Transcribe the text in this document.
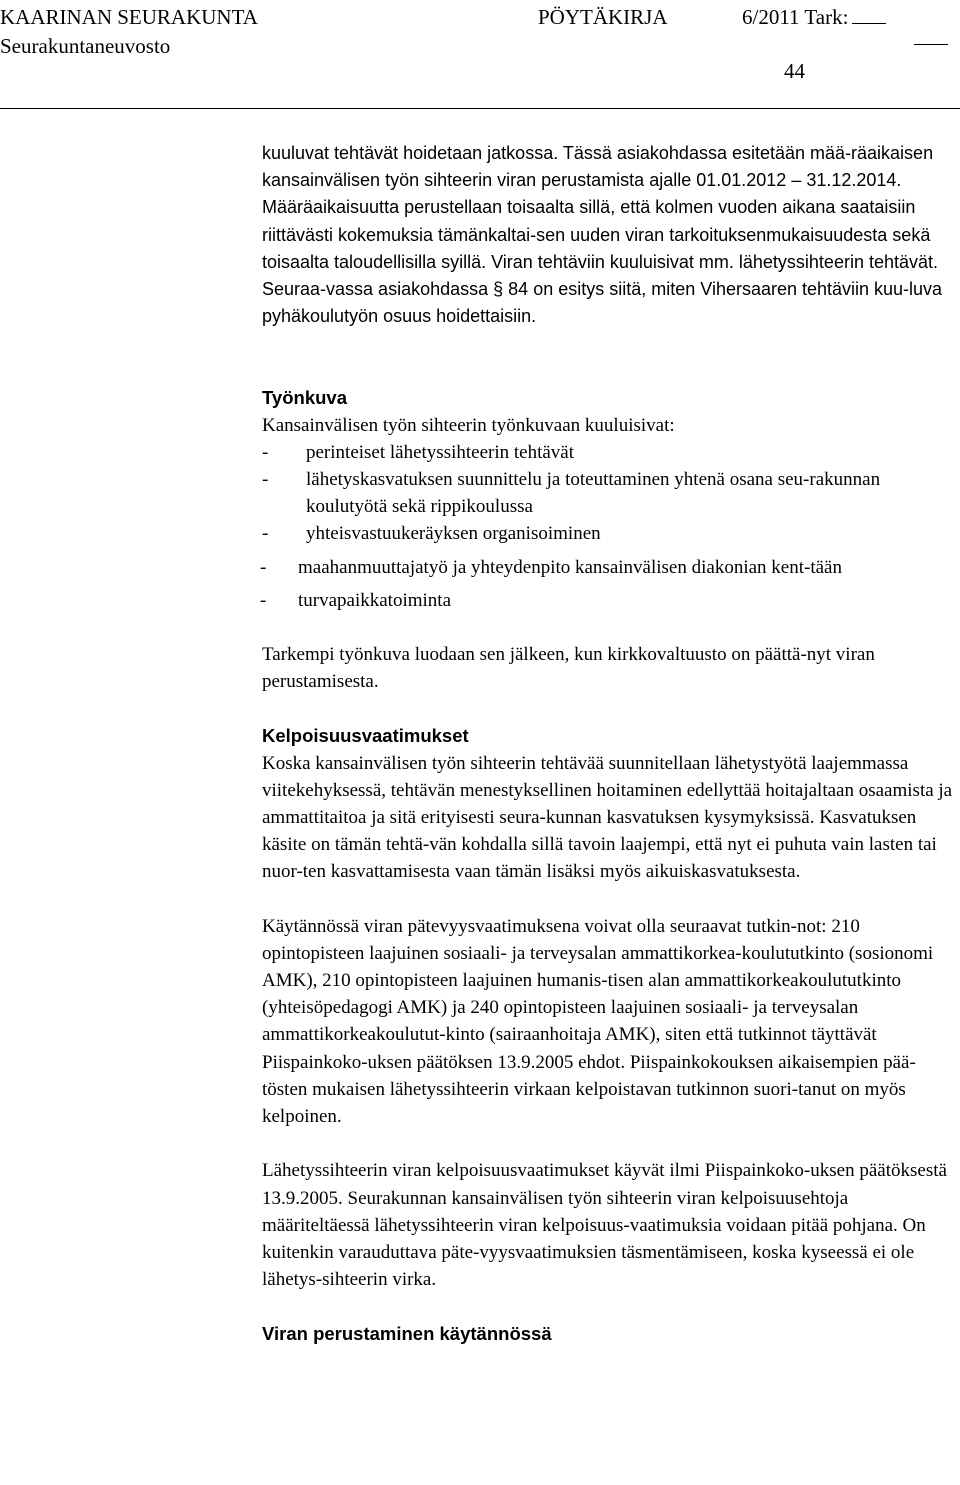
KAARINAN SEURAKUNTA
Seurakuntaneuvosto
PÖYTÄKIRJA	6/2011 Tark:
44

kuuluvat tehtävät hoidetaan jatkossa. Tässä asiakohdassa esitetään mää-räaikaisen kansainvälisen työn sihteerin viran perustamista ajalle 01.01.2012 – 31.12.2014. Määräaikaisuutta perustellaan toisaalta sillä, että kolmen vuoden aikana saataisiin riittävästi kokemuksia tämänkaltai-sen uuden viran tarkoituksenmukaisuudesta sekä toisaalta taloudellisilla syillä. Viran tehtäviin kuuluisivat mm. lähetyssihteerin tehtävät. Seuraa-vassa asiakohdassa § 84 on esitys siitä, miten Vihersaaren tehtäviin kuu-luva pyhäkoulutyön osuus hoidettaisiin.

Työnkuva

Kansainvälisen työn sihteerin työnkuvaan kuuluisivat:

- perinteiset lähetyssihteerin tehtävät
- lähetyskasvatuksen suunnittelu ja toteuttaminen yhtenä osana seu-rakunnan koulutyötä sekä rippikoulussa
- yhteisvastuukeräyksen organisoiminen
- maahanmuuttajatyö ja yhteydenpito kansainvälisen diakonian kent-tään
- turvapaikkatoiminta

Tarkempi työnkuva luodaan sen jälkeen, kun kirkkovaltuusto on päättä-nyt viran perustamisesta.

Kelpoisuusvaatimukset

Koska kansainvälisen työn sihteerin tehtävää suunnitellaan lähetystyötä laajemmassa viitekehyksessä, tehtävän menestyksellinen hoitaminen edellyttää hoitajaltaan osaamista ja ammattitaitoa ja sitä erityisesti seura-kunnan kasvatuksen kysymyksissä. Kasvatuksen käsite on tämän tehtä-vän kohdalla sillä tavoin laajempi, että nyt ei puhuta vain lasten tai nuor-ten kasvattamisesta vaan tämän lisäksi myös aikuiskasvatuksesta.

Käytännössä viran pätevyysvaatimuksena voivat olla seuraavat tutkin-not: 210 opintopisteen laajuinen sosiaali- ja terveysalan ammattikorkea-koulututkinto (sosionomi AMK), 210 opintopisteen laajuinen humanis-tisen alan ammattikorkeakoulututkinto (yhteisöpedagogi AMK) ja 240 opintopisteen laajuinen sosiaali- ja terveysalan ammattikorkeakoulutut-kinto (sairaanhoitaja AMK), siten että tutkinnot täyttävät Piispainkoko-uksen päätöksen 13.9.2005 ehdot. Piispainkokouksen aikaisempien pää-tösten mukaisen lähetyssihteerin virkaan kelpoistavan tutkinnon suori-tanut on myös kelpoinen.

Lähetyssihteerin viran kelpoisuusvaatimukset käyvät ilmi Piispainkoko-uksen päätöksestä 13.9.2005. Seurakunnan kansainvälisen työn sihteerin viran kelpoisuusehtoja määriteltäessä lähetyssihteerin viran kelpoisuus-vaatimuksia voidaan pitää pohjana. On kuitenkin varauduttava päte-vyysvaatimuksien täsmentämiseen, koska kyseessä ei ole lähetys-sihteerin virka.

Viran perustaminen käytännössä
